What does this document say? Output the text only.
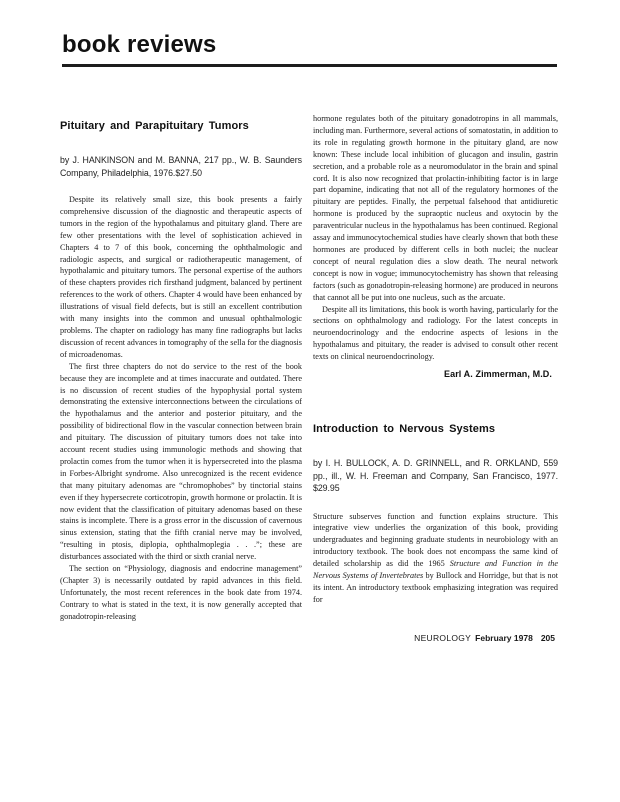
book reviews
Pituitary and Parapituitary Tumors

by J. HANKINSON and M. BANNA, 217 pp., W. B. Saunders Company, Philadelphia, 1976.$27.50

Despite its relatively small size, this book presents a fairly comprehensive discussion of the diagnostic and therapeutic aspects of tumors in the region of the hypothalamus and pituitary gland. There are few other presentations with the level of sophistication achieved in Chapters 4 to 7 of this book, concerning the ophthalmologic and radiologic aspects, and surgical or radiotherapeutic management, of hypothalamic and pituitary tumors. The personal expertise of the authors of these chapters provides rich firsthand judgment, balanced by pertinent references to the work of others. Chapter 4 would have been enhanced by illustrations of visual field defects, but is still an excellent contribution with many insights into the common and unusual ophthalmologic problems. The chapter on radiology has many fine radiographs but lacks discussion of recent advances in tomography of the sella for the diagnosis of microadenomas.

The first three chapters do not do service to the rest of the book because they are incomplete and at times inaccurate and outdated. There is no discussion of recent studies of the hypophysial portal system demonstrating the extensive interconnections between the circulations of the hypothalamus and the anterior and posterior pituitary, and the possibility of bidirectional flow in the vascular connection between brain and pituitary. The discussion of pituitary tumors does not take into account recent studies using immunologic methods and showing that prolactin comes from the tumor when it is hypersecreted into the plasma in Forbes-Albright syndrome. Also unrecognized is the recent evidence that many pituitary adenomas are “chromophobes” by tinctorial stains even if they hypersecrete corticotropin, growth hormone or prolactin. It is now evident that the classification of pituitary adenomas based on these stains is incomplete. There is a gross error in the discussion of cavernous sinus extension, stating that the fifth cranial nerve may be involved, “resulting in ptosis, diplopia, ophthalmoplegia . . .”; these are disturbances associated with the third or sixth cranial nerve.

The section on “Physiology, diagnosis and endocrine management” (Chapter 3) is necessarily outdated by rapid advances in this field. Unfortunately, the most recent references in the book date from 1974. Contrary to what is stated in the text, it is now generally accepted that gonadotropin-releasing

hormone regulates both of the pituitary gonadotropins in all mammals, including man. Furthermore, several actions of somatostatin, in addition to its role in regulating growth hormone in the pituitary gland, are now known: These include local inhibition of glucagon and insulin, gastrin secretion, and a probable role as a neuromodulator in the brain and spinal cord. It is also now recognized that prolactin-inhibiting factor is in large part dopamine, indicating that not all of the regulatory hormones of the pituitary are peptides. Finally, the perpetual falsehood that antidiuretic hormone is produced by the supraoptic nucleus and oxytocin by the paraventricular nucleus in the hypothalamus has been continued. Regional assay and immunocytochemical studies have clearly shown that both these hormones are produced by different cells in both nuclei; the nuclear concept of neural regulation dies a slow death. The neural network concept is now in vogue; immunocytochemistry has shown that releasing factors (such as gonadotropin-releasing hormone) are produced in neurons that cannot all be put into one nucleus, such as the arcuate.

Despite all its limitations, this book is worth having, particularly for the sections on ophthalmology and radiology. For the latest concepts in neuroendocrinology and the endocrine aspects of lesions in the hypothalamus and pituitary, the reader is advised to consult other recent texts on clinical neuroendocrinology.

Earl A. Zimmerman, M.D.

Introduction to Nervous Systems

by I. H. BULLOCK, A. D. GRINNELL, and R. ORKLAND, 559 pp., ill., W. H. Freeman and Company, San Francisco, 1977. $29.95

Structure subserves function and function explains structure. This integrative view underlies the organization of this book, providing undergraduates and beginning graduate students in neurobiology with an introductory textbook. The book does not encompass the same kind of detailed scholarship as did the 1965 Structure and Function in the Nervous Systems of Invertebrates by Bullock and Horridge, but that is not its intent. An introductory textbook emphasizing integration was required for

NEUROLOGY February 1978 205
